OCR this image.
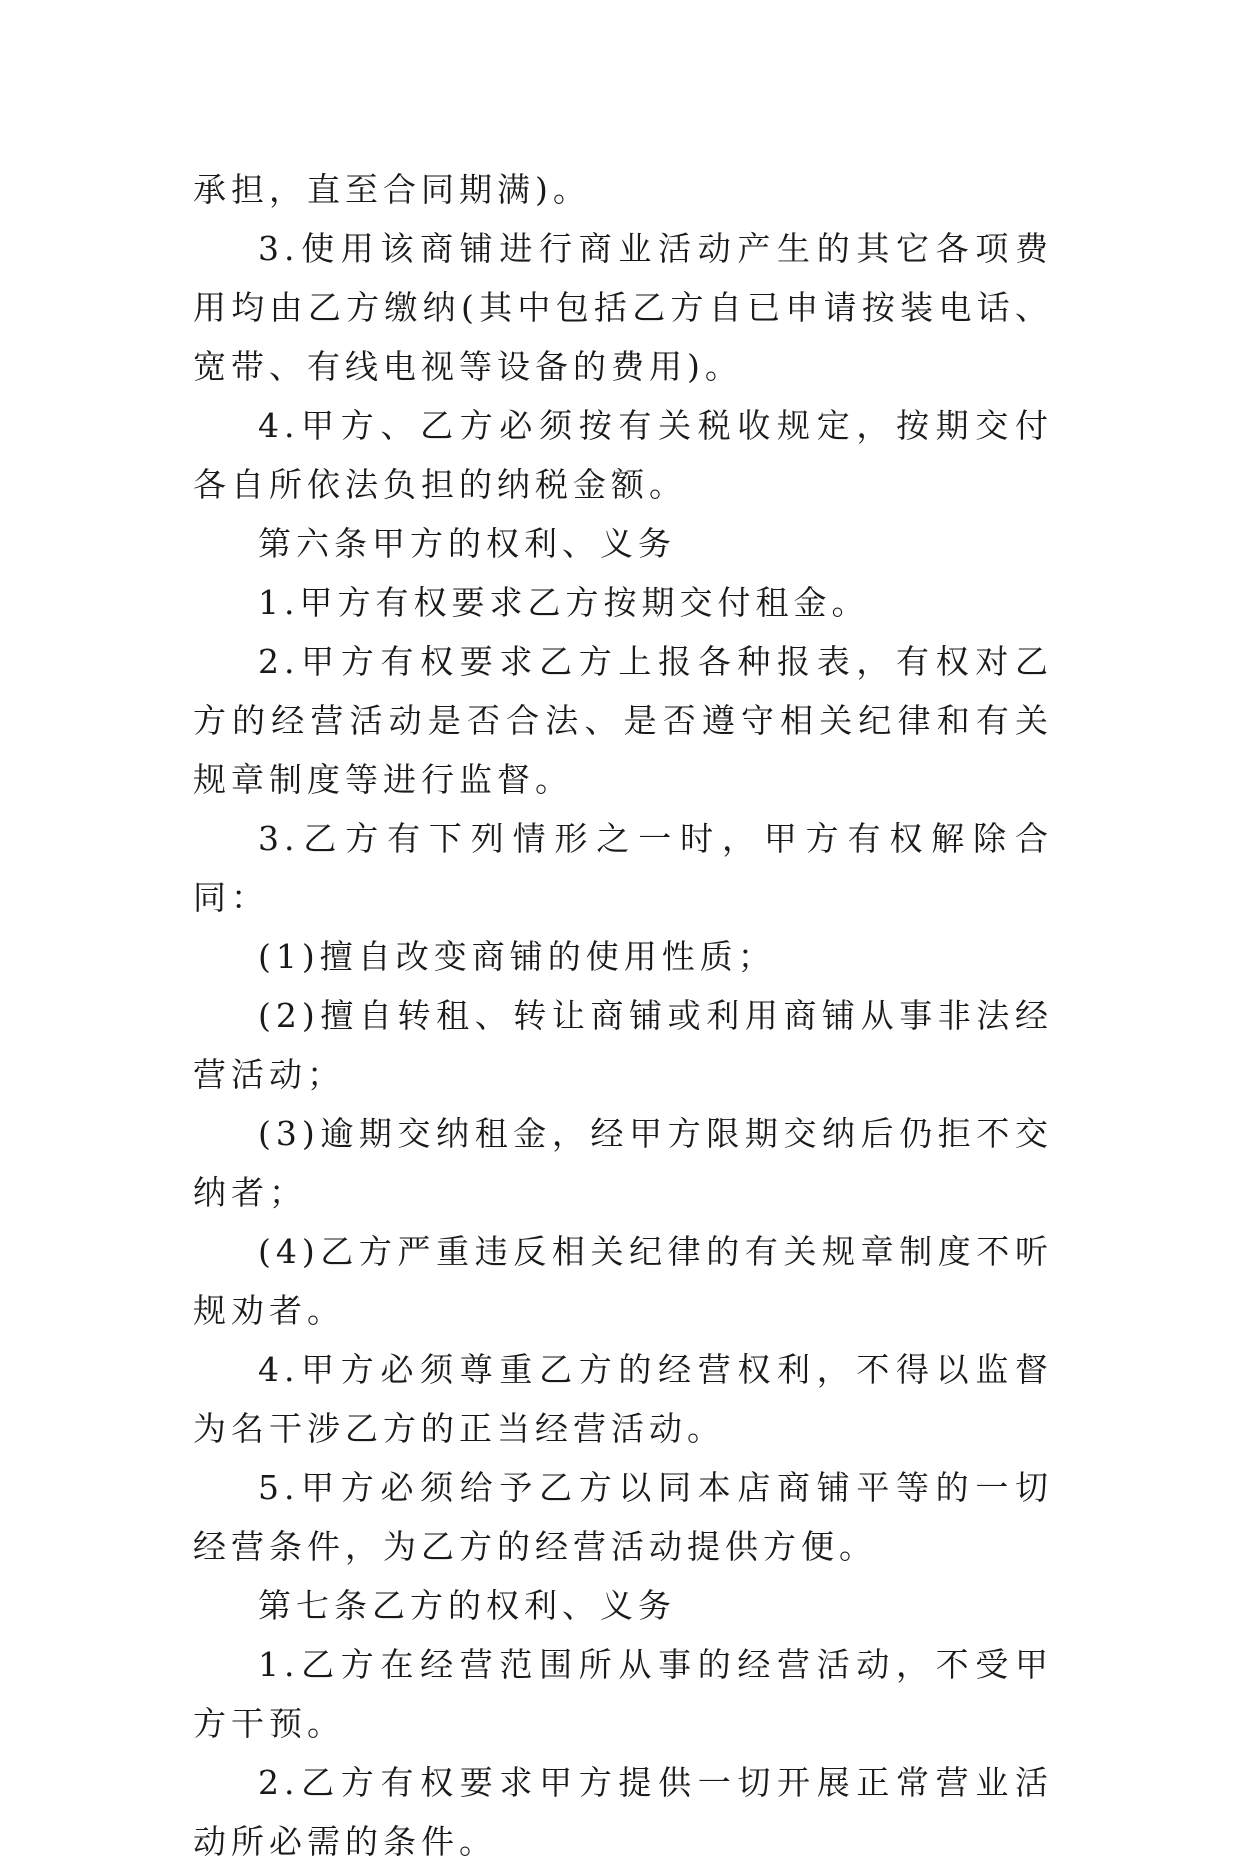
承担，直至合同期满)。

3.使用该商铺进行商业活动产生的其它各项费用均由乙方缴纳(其中包括乙方自已申请按装电话、宽带、有线电视等设备的费用)。

4.甲方、乙方必须按有关税收规定，按期交付各自所依法负担的纳税金额。

第六条甲方的权利、义务

1.甲方有权要求乙方按期交付租金。

2.甲方有权要求乙方上报各种报表，有权对乙方的经营活动是否合法、是否遵守相关纪律和有关规章制度等进行监督。

3.乙方有下列情形之一时，甲方有权解除合同：

(1)擅自改变商铺的使用性质；

(2)擅自转租、转让商铺或利用商铺从事非法经营活动；

(3)逾期交纳租金，经甲方限期交纳后仍拒不交纳者；

(4)乙方严重违反相关纪律的有关规章制度不听规劝者。

4.甲方必须尊重乙方的经营权利，不得以监督为名干涉乙方的正当经营活动。

5.甲方必须给予乙方以同本店商铺平等的一切经营条件，为乙方的经营活动提供方便。

第七条乙方的权利、义务

1.乙方在经营范围所从事的经营活动，不受甲方干预。

2.乙方有权要求甲方提供一切开展正常营业活动所必需的条件。
